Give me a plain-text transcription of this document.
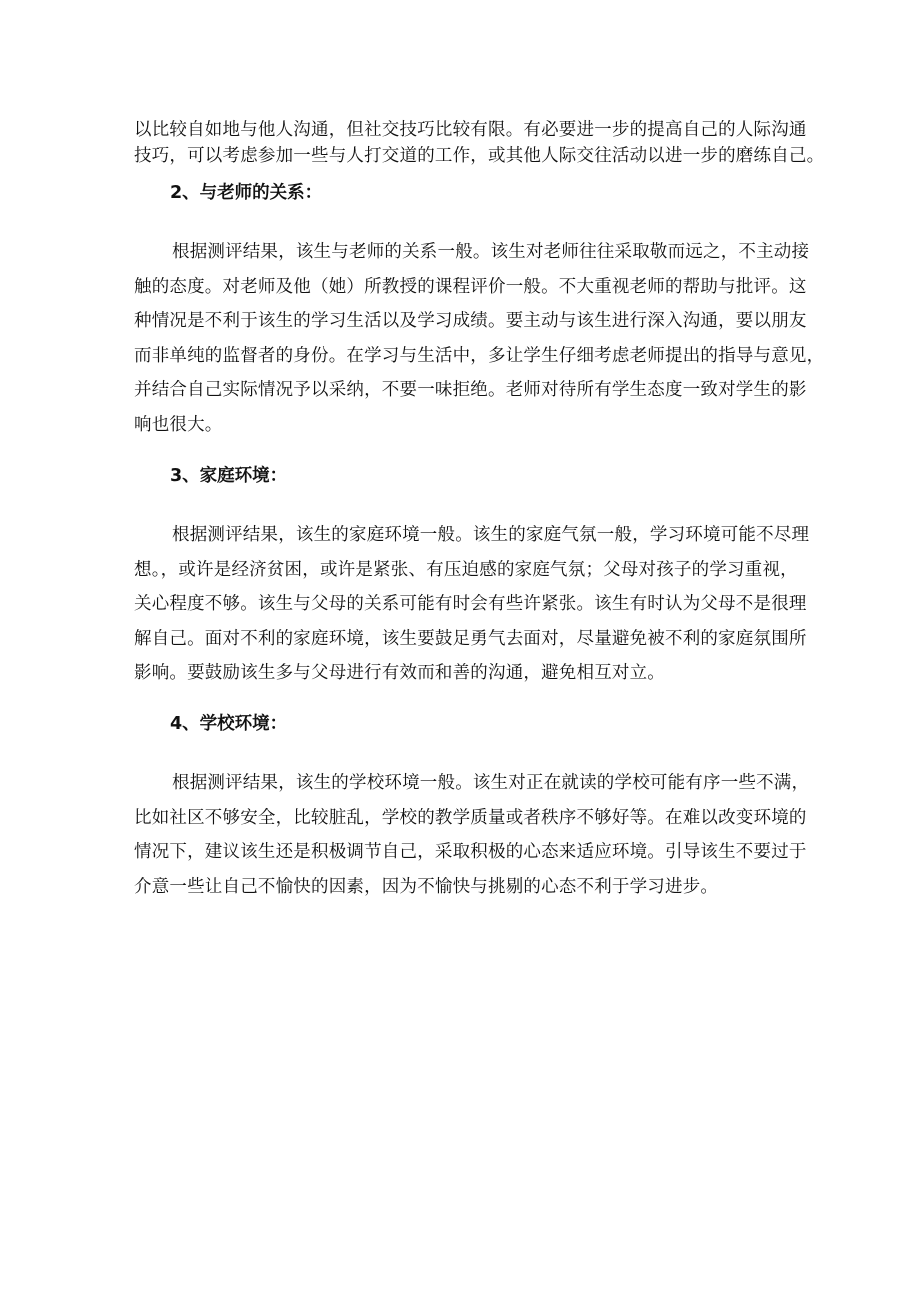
以比较自如地与他人沟通，但社交技巧比较有限。有必要进一步的提高自己的人际沟通
技巧，可以考虑参加一些与人打交道的工作，或其他人际交往活动以进一步的磨练自己。
2、与老师的关系：
根据测评结果，该生与老师的关系一般。该生对老师往往采取敬而远之，不主动接
触的态度。对老师及他（她）所教授的课程评价一般。不大重视老师的帮助与批评。这
种情况是不利于该生的学习生活以及学习成绩。要主动与该生进行深入沟通，要以朋友
而非单纯的监督者的身份。在学习与生活中，多让学生仔细考虑老师提出的指导与意见，
并结合自己实际情况予以采纳，不要一味拒绝。老师对待所有学生态度一致对学生的影
响也很大。
3、家庭环境：
根据测评结果，该生的家庭环境一般。该生的家庭气氛一般，学习环境可能不尽理
想。，或许是经济贫困，或许是紧张、有压迫感的家庭气氛；父母对孩子的学习重视，
关心程度不够。该生与父母的关系可能有时会有些许紧张。该生有时认为父母不是很理
解自己。面对不利的家庭环境，该生要鼓足勇气去面对，尽量避免被不利的家庭氛围所
影响。要鼓励该生多与父母进行有效而和善的沟通，避免相互对立。
4、学校环境：
根据测评结果，该生的学校环境一般。该生对正在就读的学校可能有序一些不满，
比如社区不够安全，比较脏乱，学校的教学质量或者秩序不够好等。在难以改变环境的
情况下，建议该生还是积极调节自己，采取积极的心态来适应环境。引导该生不要过于
介意一些让自己不愉快的因素，因为不愉快与挑剔的心态不利于学习进步。
